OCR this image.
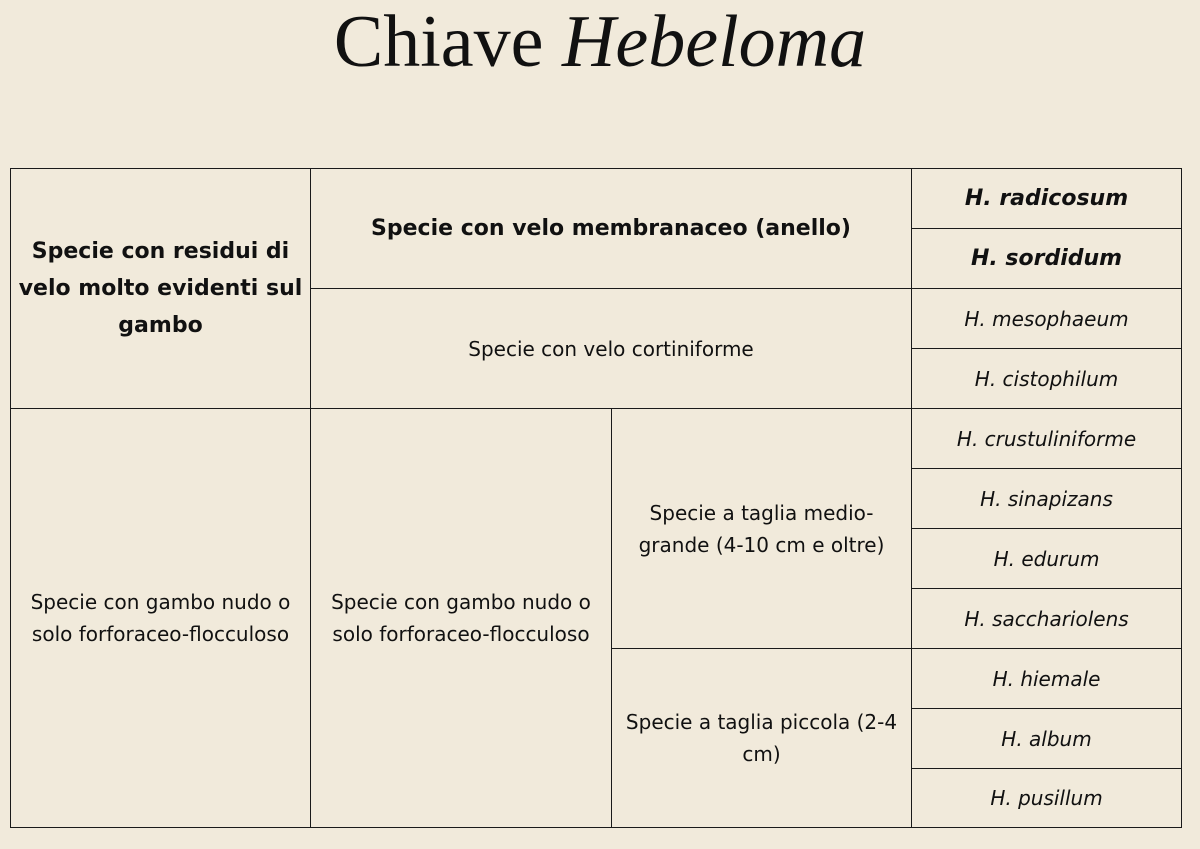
Chiave Hebeloma
Specie con residui di velo molto evidenti sul gambo	Specie con velo membranaceo (anello)		H. radicosum
			H. sordidum
	Specie con velo cortiniforme		H. mesophaeum
			H. cistophilum
Specie con gambo nudo o solo forforaceo-flocculoso	Specie con gambo nudo o solo forforaceo-flocculoso	Specie a taglia medio-grande (4-10 cm e oltre)	H. crustuliniforme
			H. sinapizans
			H. edurum
			H. sacchariolens
		Specie a taglia piccola (2-4 cm)	H. hiemale
			H. album
			H. pusillum
